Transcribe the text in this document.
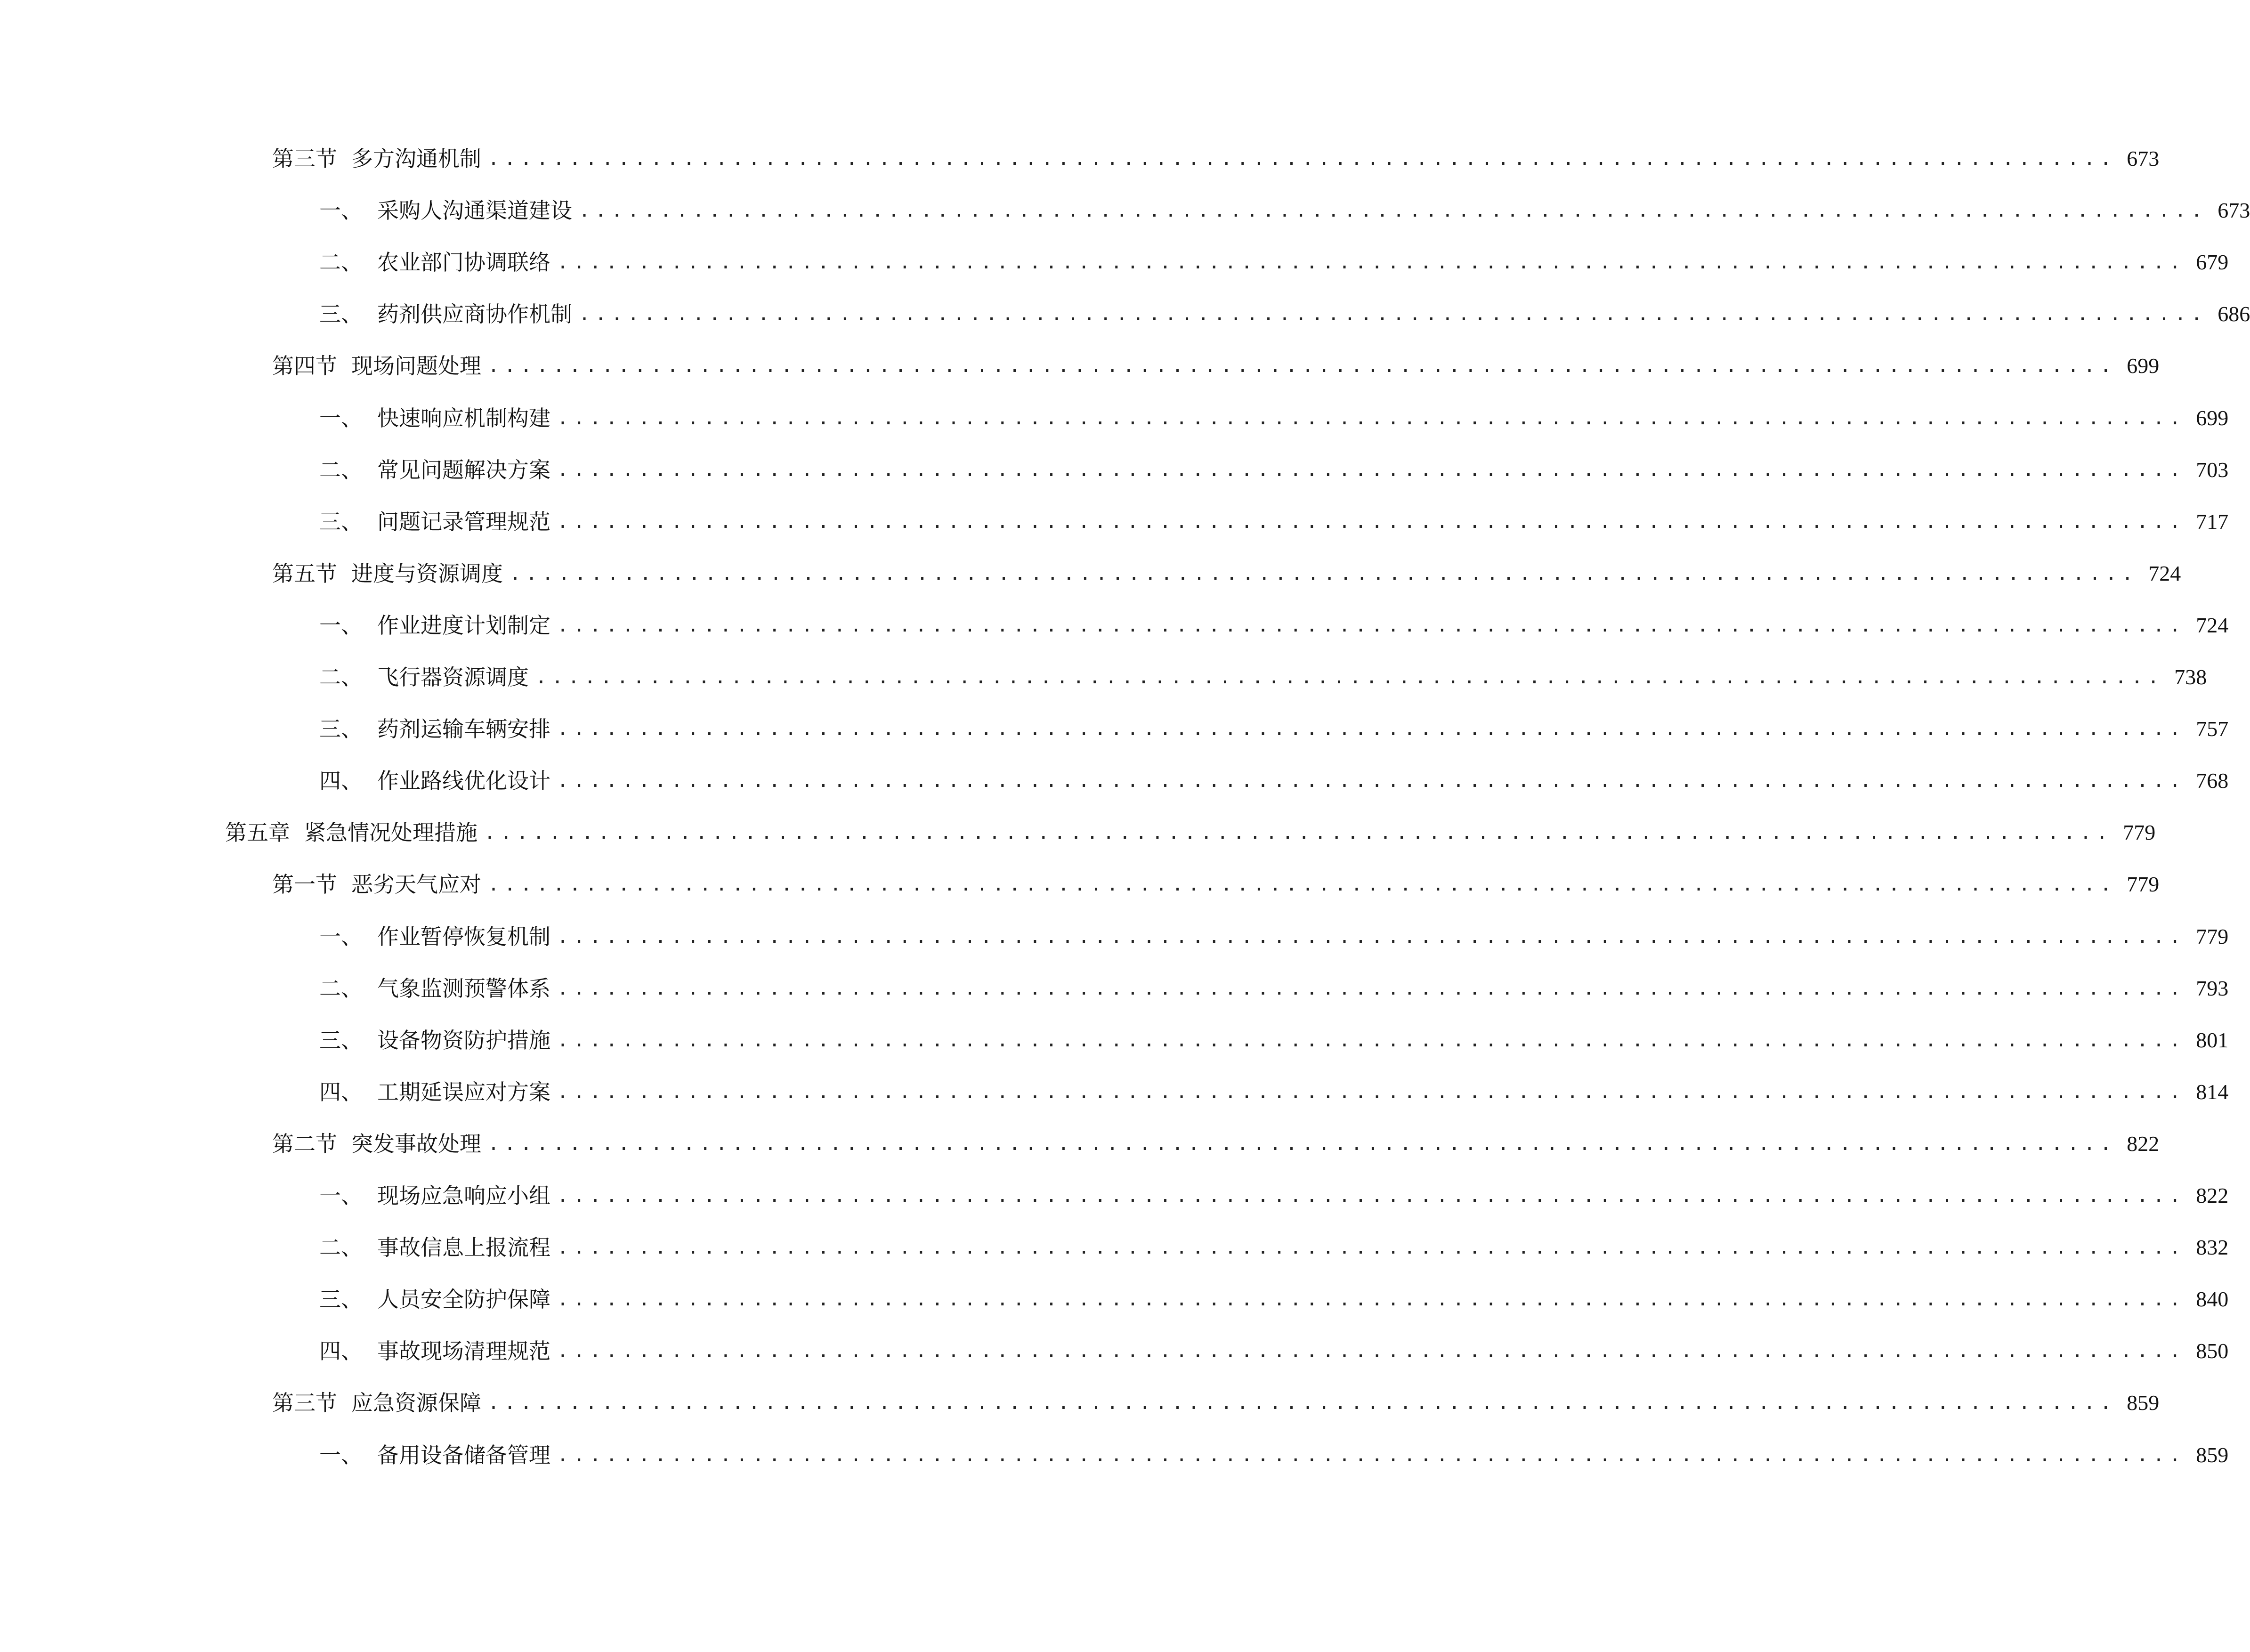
第三节 多方沟通机制 .................................................................................................... 673
一、 采购人沟通渠道建设 .................................................................................................... 673
二、 农业部门协调联络 .................................................................................................... 679
三、 药剂供应商协作机制 .................................................................................................... 686
第四节 现场问题处理 .................................................................................................... 699
一、 快速响应机制构建 .................................................................................................... 699
二、 常见问题解决方案 .................................................................................................... 703
三、 问题记录管理规范 .................................................................................................... 717
第五节 进度与资源调度 .................................................................................................... 724
一、 作业进度计划制定 .................................................................................................... 724
二、 飞行器资源调度 .................................................................................................... 738
三、 药剂运输车辆安排 .................................................................................................... 757
四、 作业路线优化设计 .................................................................................................... 768
第五章 紧急情况处理措施 .................................................................................................... 779
第一节 恶劣天气应对 .................................................................................................... 779
一、 作业暂停恢复机制 .................................................................................................... 779
二、 气象监测预警体系 .................................................................................................... 793
三、 设备物资防护措施 .................................................................................................... 801
四、 工期延误应对方案 .................................................................................................... 814
第二节 突发事故处理 .................................................................................................... 822
一、 现场应急响应小组 .................................................................................................... 822
二、 事故信息上报流程 .................................................................................................... 832
三、 人员安全防护保障 .................................................................................................... 840
四、 事故现场清理规范 .................................................................................................... 850
第三节 应急资源保障 .................................................................................................... 859
一、 备用设备储备管理 .................................................................................................... 859
